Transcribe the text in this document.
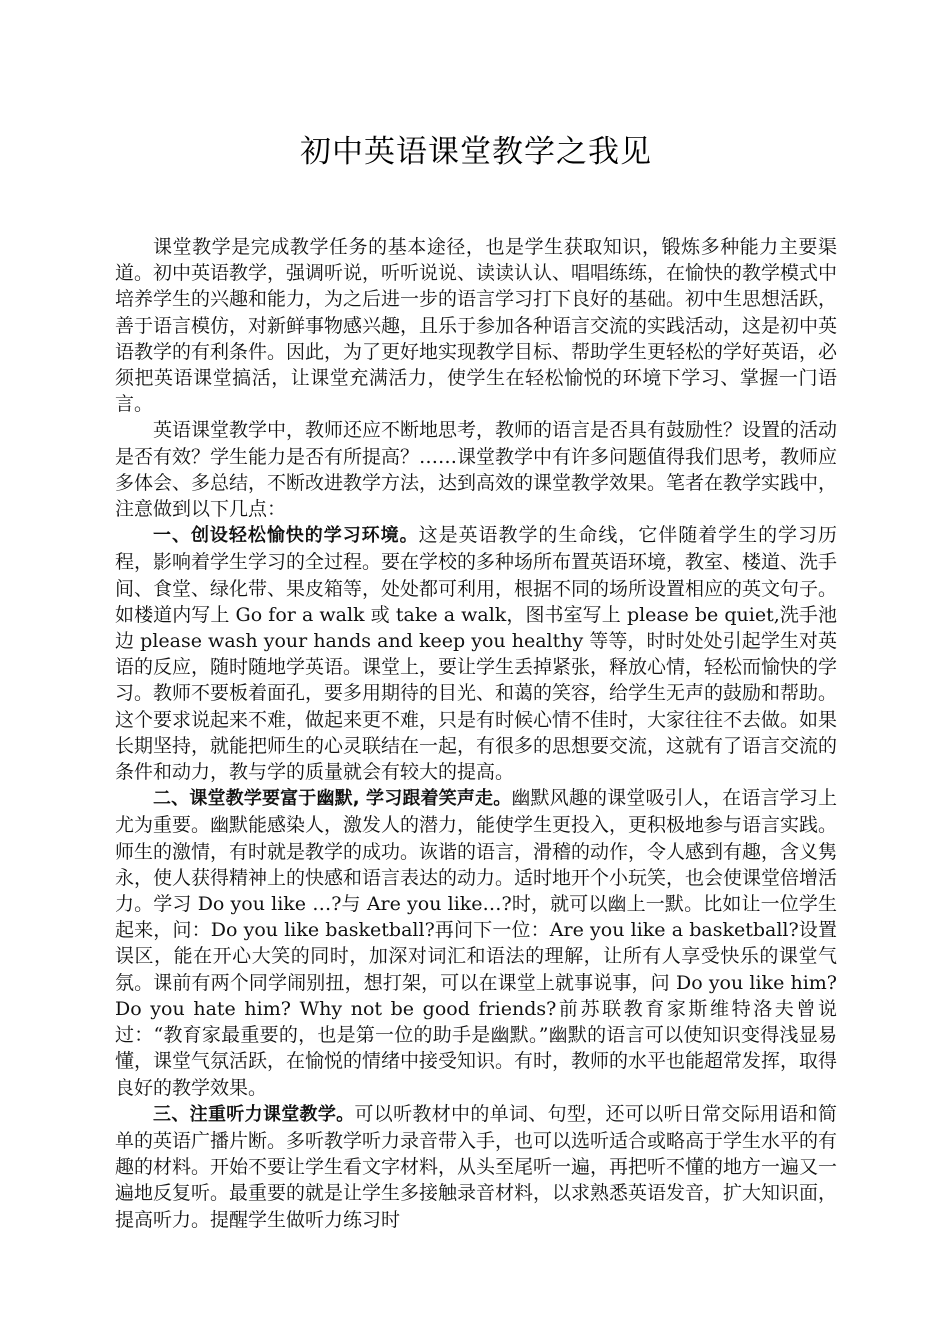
初中英语课堂教学之我见

课堂教学是完成教学任务的基本途径，也是学生获取知识，锻炼多种能力主要渠道。初中英语教学，强调听说，听听说说、读读认认、唱唱练练，在愉快的教学模式中培养学生的兴趣和能力，为之后进一步的语言学习打下良好的基础。初中生思想活跃，善于语言模仿，对新鲜事物感兴趣，且乐于参加各种语言交流的实践活动，这是初中英语教学的有利条件。因此，为了更好地实现教学目标、帮助学生更轻松的学好英语，必须把英语课堂搞活，让课堂充满活力，使学生在轻松愉悦的环境下学习、掌握一门语言。

英语课堂教学中，教师还应不断地思考，教师的语言是否具有鼓励性？设置的活动是否有效？学生能力是否有所提高？……课堂教学中有许多问题值得我们思考，教师应多体会、多总结，不断改进教学方法，达到高效的课堂教学效果。笔者在教学实践中，注意做到以下几点：

一、创设轻松愉快的学习环境。这是英语教学的生命线，它伴随着学生的学习历程，影响着学生学习的全过程。要在学校的多种场所布置英语环境，教室、楼道、洗手间、食堂、绿化带、果皮箱等，处处都可利用，根据不同的场所设置相应的英文句子。如楼道内写上 Go for a walk 或 take a walk，图书室写上 please be quiet,洗手池边 please wash your hands and keep you healthy 等等，时时处处引起学生对英语的反应，随时随地学英语。课堂上，要让学生丢掉紧张，释放心情，轻松而愉快的学习。教师不要板着面孔，要多用期待的目光、和蔼的笑容，给学生无声的鼓励和帮助。这个要求说起来不难，做起来更不难，只是有时候心情不佳时，大家往往不去做。如果长期坚持，就能把师生的心灵联结在一起，有很多的思想要交流，这就有了语言交流的条件和动力，教与学的质量就会有较大的提高。

二、课堂教学要富于幽默, 学习跟着笑声走。幽默风趣的课堂吸引人，在语言学习上尤为重要。幽默能感染人，激发人的潜力，能使学生更投入，更积极地参与语言实践。师生的激情，有时就是教学的成功。诙谐的语言，滑稽的动作，令人感到有趣，含义隽永，使人获得精神上的快感和语言表达的动力。适时地开个小玩笑，也会使课堂倍增活力。学习 Do you like …?与 Are you like…?时，就可以幽上一默。比如让一位学生起来，问：Do you like basketball?再问下一位：Are you like a basketball?设置误区，能在开心大笑的同时，加深对词汇和语法的理解，让所有人享受快乐的课堂气氛。课前有两个同学闹别扭，想打架，可以在课堂上就事说事，问 Do you like him? Do you hate him? Why not be good friends?前苏联教育家斯维特洛夫曾说过：“教育家最重要的，也是第一位的助手是幽默。”幽默的语言可以使知识变得浅显易懂，课堂气氛活跃，在愉悦的情绪中接受知识。有时，教师的水平也能超常发挥，取得良好的教学效果。

三、注重听力课堂教学。可以听教材中的单词、句型，还可以听日常交际用语和简单的英语广播片断。多听教学听力录音带入手，也可以选听适合或略高于学生水平的有趣的材料。开始不要让学生看文字材料，从头至尾听一遍，再把听不懂的地方一遍又一遍地反复听。最重要的就是让学生多接触录音材料，以求熟悉英语发音，扩大知识面，提高听力。提醒学生做听力练习时
